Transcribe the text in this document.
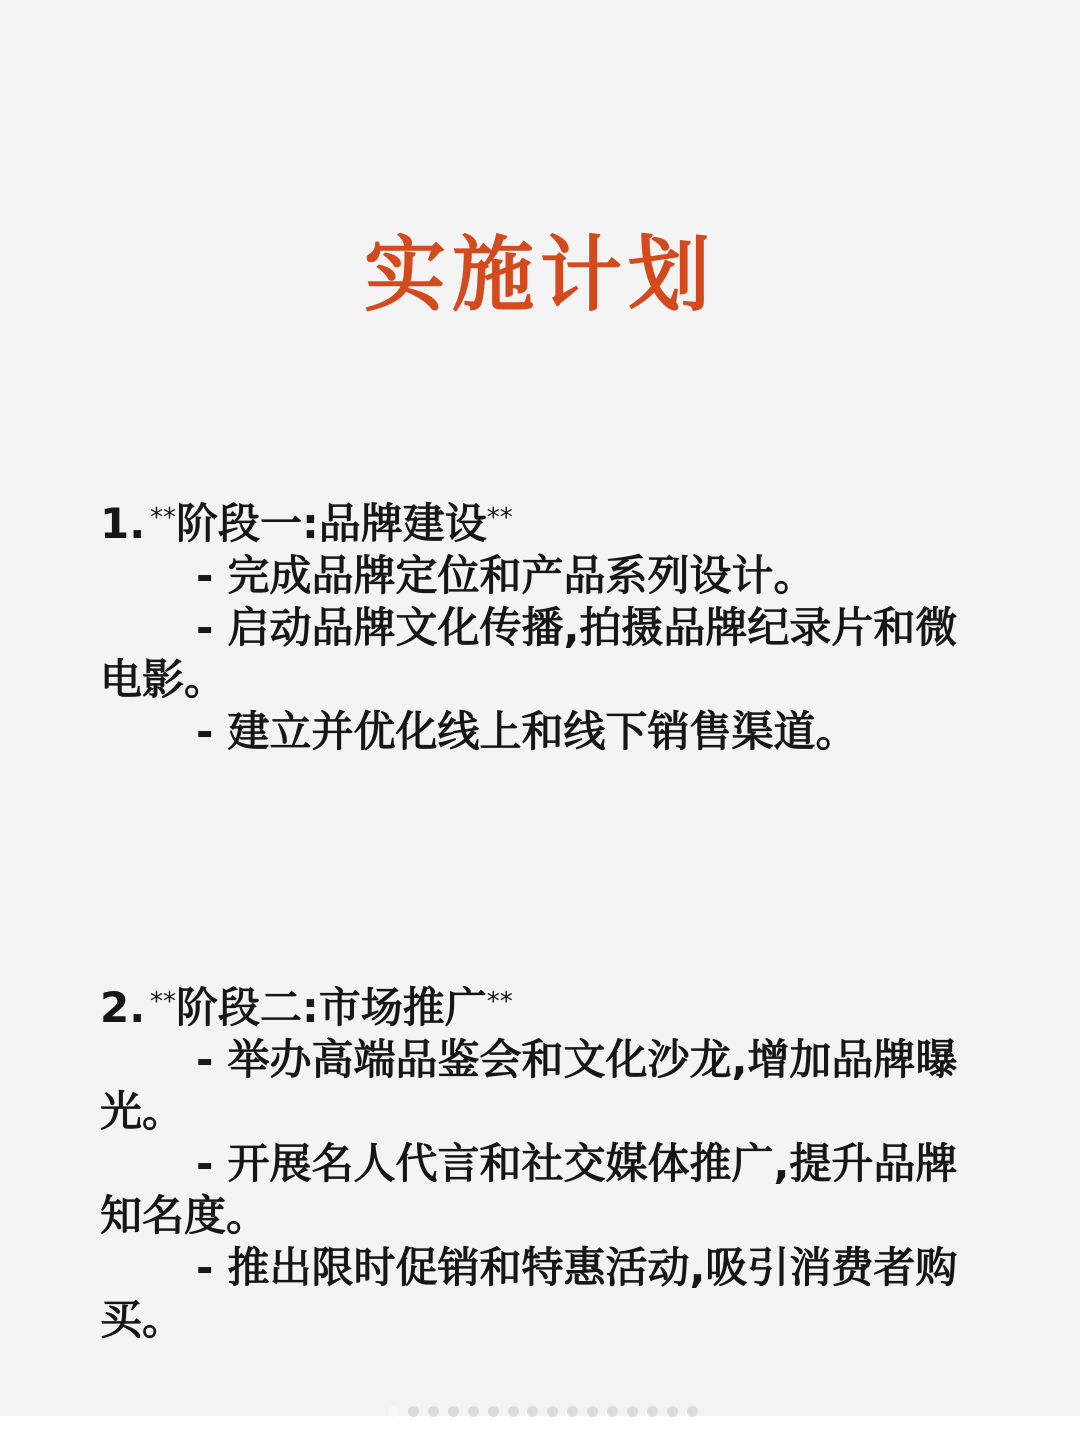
实施计划
1. **阶段一:品牌建设**
- 完成品牌定位和产品系列设计。
- 启动品牌文化传播,拍摄品牌纪录片和微电影。
- 建立并优化线上和线下销售渠道。
2. **阶段二:市场推广**
- 举办高端品鉴会和文化沙龙,增加品牌曝光。
- 开展名人代言和社交媒体推广,提升品牌知名度。
- 推出限时促销和特惠活动,吸引消费者购买。
